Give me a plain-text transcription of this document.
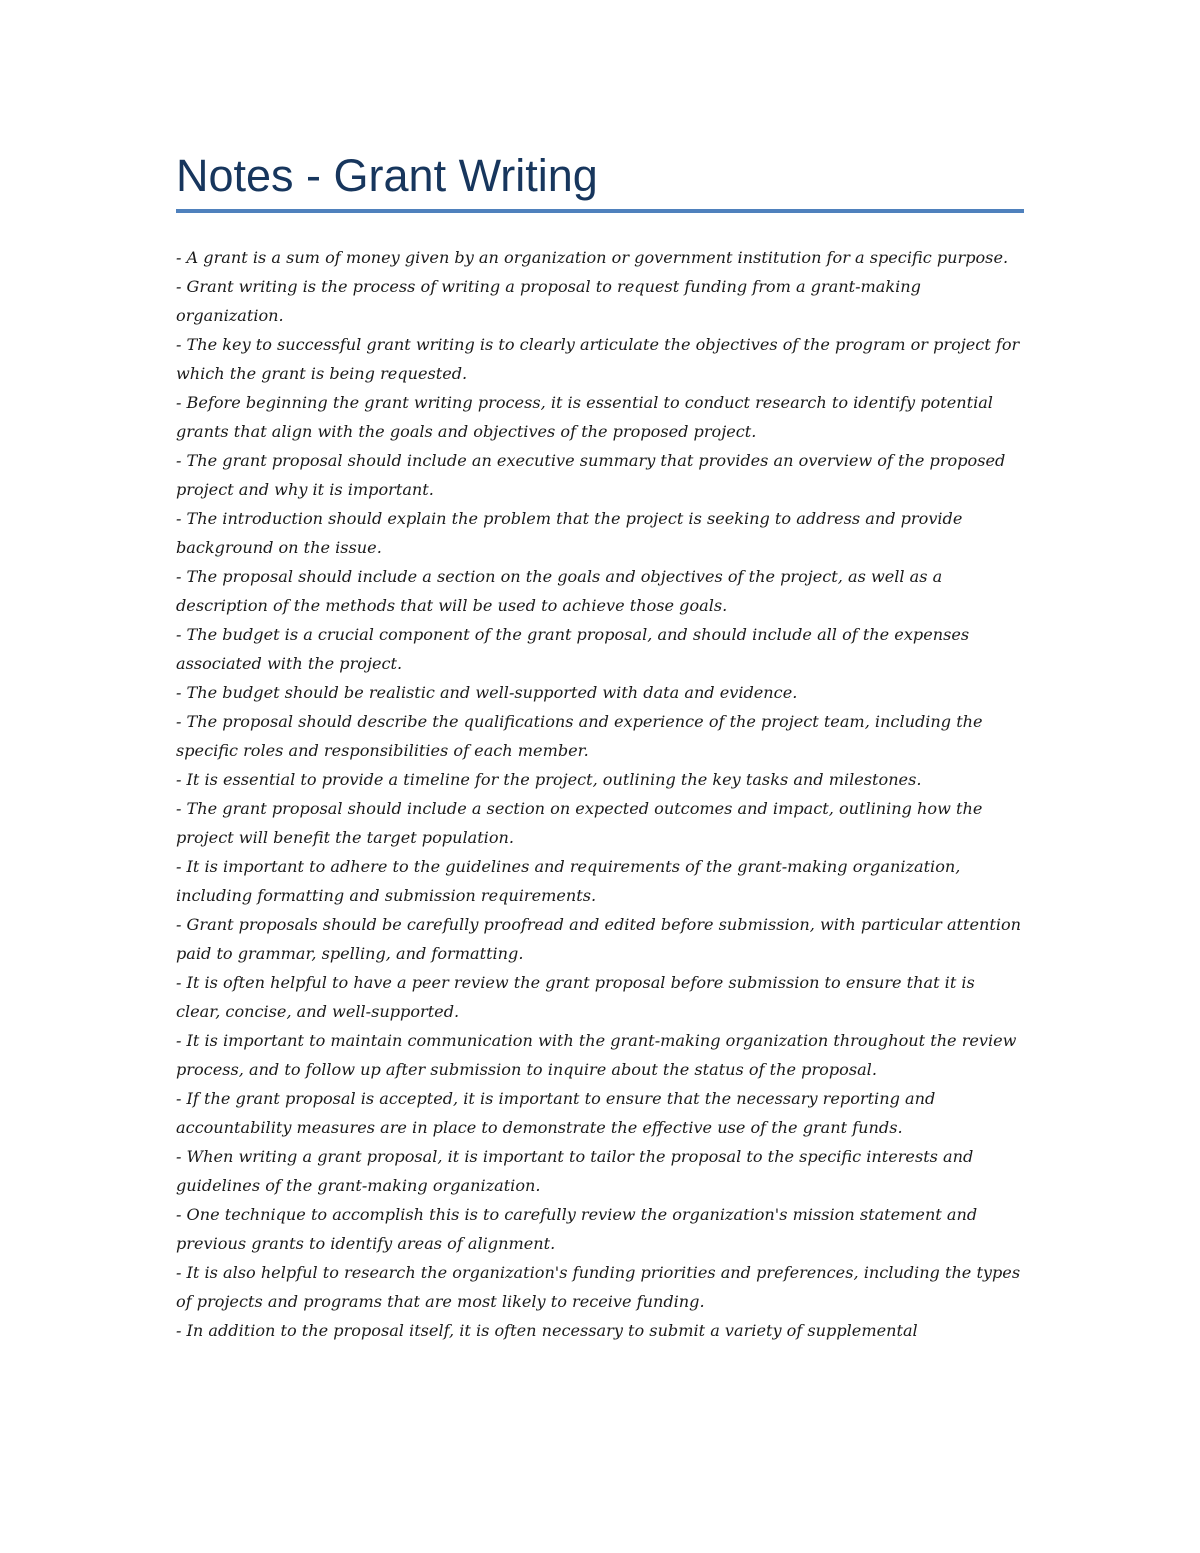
Notes - Grant Writing

- A grant is a sum of money given by an organization or government institution for a specific purpose.

- Grant writing is the process of writing a proposal to request funding from a grant-making organization.

- The key to successful grant writing is to clearly articulate the objectives of the program or project for which the grant is being requested.

- Before beginning the grant writing process, it is essential to conduct research to identify potential grants that align with the goals and objectives of the proposed project.

- The grant proposal should include an executive summary that provides an overview of the proposed project and why it is important.

- The introduction should explain the problem that the project is seeking to address and provide background on the issue.

- The proposal should include a section on the goals and objectives of the project, as well as a description of the methods that will be used to achieve those goals.

- The budget is a crucial component of the grant proposal, and should include all of the expenses associated with the project.

- The budget should be realistic and well-supported with data and evidence.

- The proposal should describe the qualifications and experience of the project team, including the specific roles and responsibilities of each member.

- It is essential to provide a timeline for the project, outlining the key tasks and milestones.

- The grant proposal should include a section on expected outcomes and impact, outlining how the project will benefit the target population.

- It is important to adhere to the guidelines and requirements of the grant-making organization, including formatting and submission requirements.

- Grant proposals should be carefully proofread and edited before submission, with particular attention paid to grammar, spelling, and formatting.

- It is often helpful to have a peer review the grant proposal before submission to ensure that it is clear, concise, and well-supported.

- It is important to maintain communication with the grant-making organization throughout the review process, and to follow up after submission to inquire about the status of the proposal.

- If the grant proposal is accepted, it is important to ensure that the necessary reporting and accountability measures are in place to demonstrate the effective use of the grant funds.

- When writing a grant proposal, it is important to tailor the proposal to the specific interests and guidelines of the grant-making organization.

- One technique to accomplish this is to carefully review the organization's mission statement and previous grants to identify areas of alignment.

- It is also helpful to research the organization's funding priorities and preferences, including the types of projects and programs that are most likely to receive funding.

- In addition to the proposal itself, it is often necessary to submit a variety of supplemental
